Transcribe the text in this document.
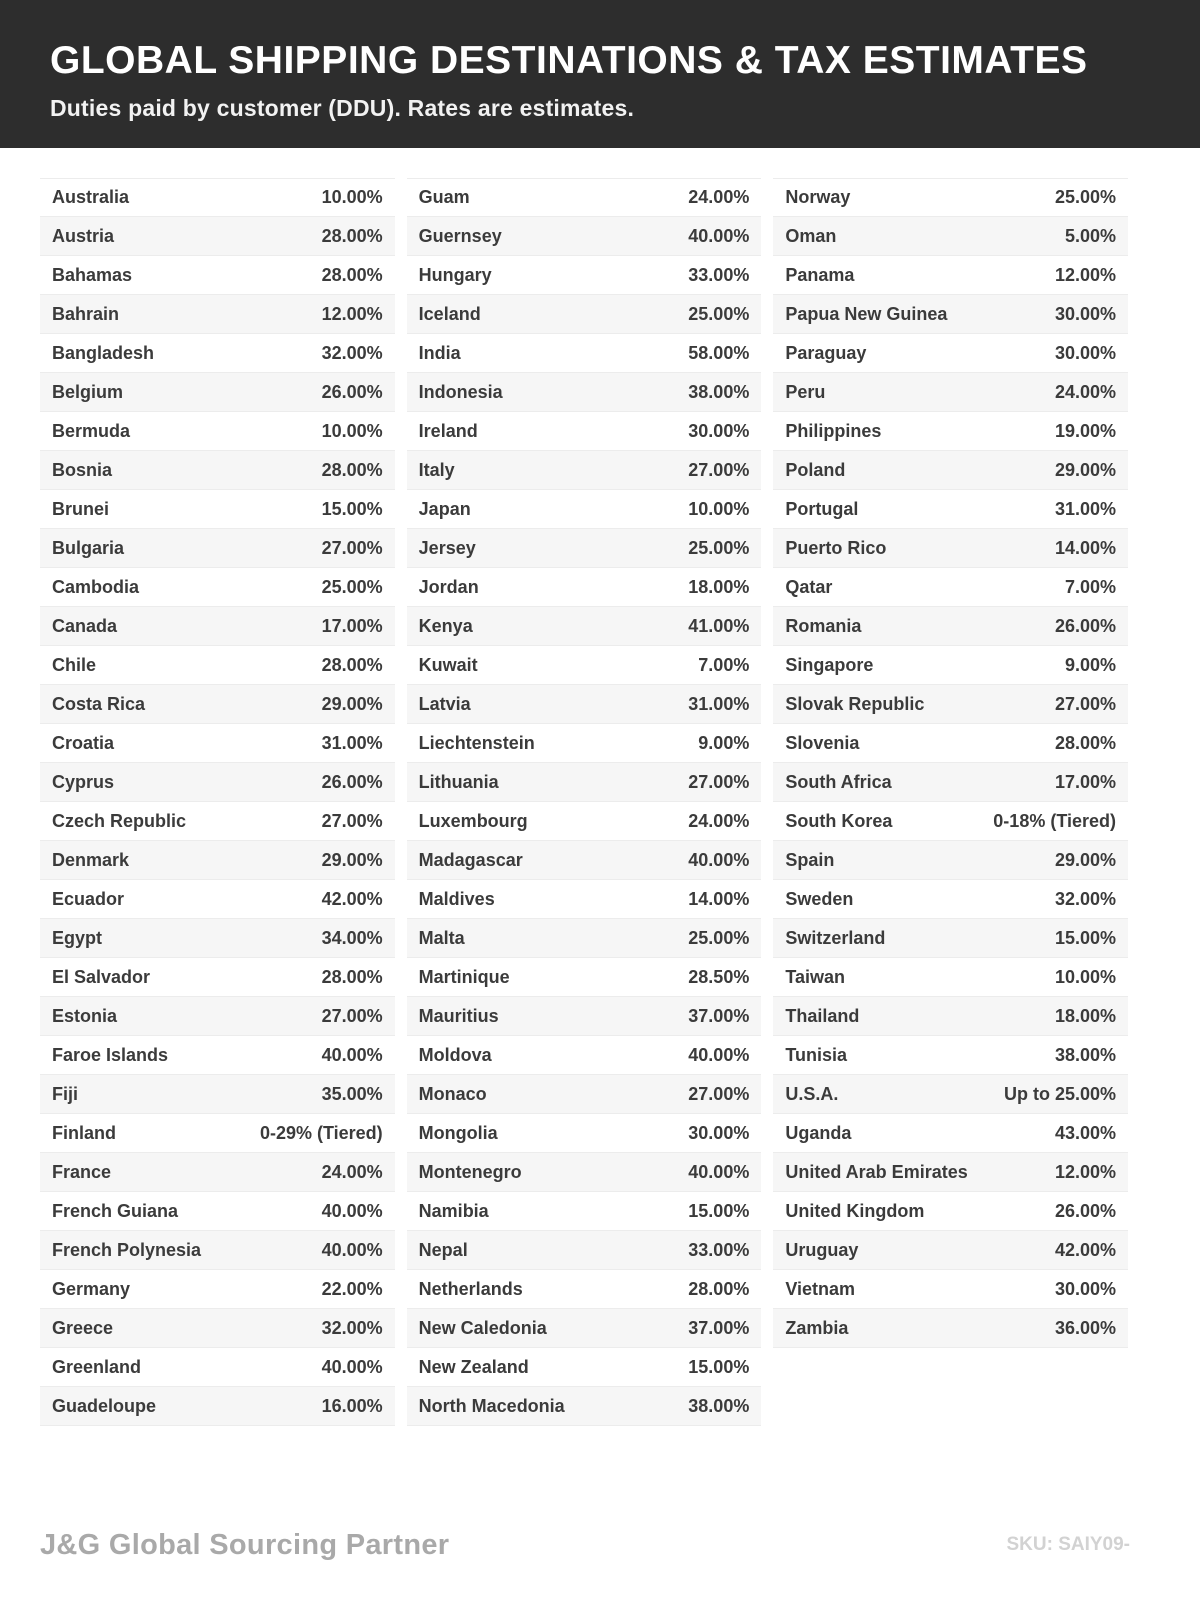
GLOBAL SHIPPING DESTINATIONS & TAX ESTIMATES
Duties paid by customer (DDU). Rates are estimates.
Australia	10.00%
Austria	28.00%
Bahamas	28.00%
Bahrain	12.00%
Bangladesh	32.00%
Belgium	26.00%
Bermuda	10.00%
Bosnia	28.00%
Brunei	15.00%
Bulgaria	27.00%
Cambodia	25.00%
Canada	17.00%
Chile	28.00%
Costa Rica	29.00%
Croatia	31.00%
Cyprus	26.00%
Czech Republic	27.00%
Denmark	29.00%
Ecuador	42.00%
Egypt	34.00%
El Salvador	28.00%
Estonia	27.00%
Faroe Islands	40.00%
Fiji	35.00%
Finland	0-29% (Tiered)
France	24.00%
French Guiana	40.00%
French Polynesia	40.00%
Germany	22.00%
Greece	32.00%
Greenland	40.00%
Guadeloupe	16.00%
Guam	24.00%
Guernsey	40.00%
Hungary	33.00%
Iceland	25.00%
India	58.00%
Indonesia	38.00%
Ireland	30.00%
Italy	27.00%
Japan	10.00%
Jersey	25.00%
Jordan	18.00%
Kenya	41.00%
Kuwait	7.00%
Latvia	31.00%
Liechtenstein	9.00%
Lithuania	27.00%
Luxembourg	24.00%
Madagascar	40.00%
Maldives	14.00%
Malta	25.00%
Martinique	28.50%
Mauritius	37.00%
Moldova	40.00%
Monaco	27.00%
Mongolia	30.00%
Montenegro	40.00%
Namibia	15.00%
Nepal	33.00%
Netherlands	28.00%
New Caledonia	37.00%
New Zealand	15.00%
North Macedonia	38.00%
Norway	25.00%
Oman	5.00%
Panama	12.00%
Papua New Guinea	30.00%
Paraguay	30.00%
Peru	24.00%
Philippines	19.00%
Poland	29.00%
Portugal	31.00%
Puerto Rico	14.00%
Qatar	7.00%
Romania	26.00%
Singapore	9.00%
Slovak Republic	27.00%
Slovenia	28.00%
South Africa	17.00%
South Korea	0-18% (Tiered)
Spain	29.00%
Sweden	32.00%
Switzerland	15.00%
Taiwan	10.00%
Thailand	18.00%
Tunisia	38.00%
U.S.A.	Up to 25.00%
Uganda	43.00%
United Arab Emirates	12.00%
United Kingdom	26.00%
Uruguay	42.00%
Vietnam	30.00%
Zambia	36.00%
J&G Global Sourcing Partner	SKU: SAIY09-
